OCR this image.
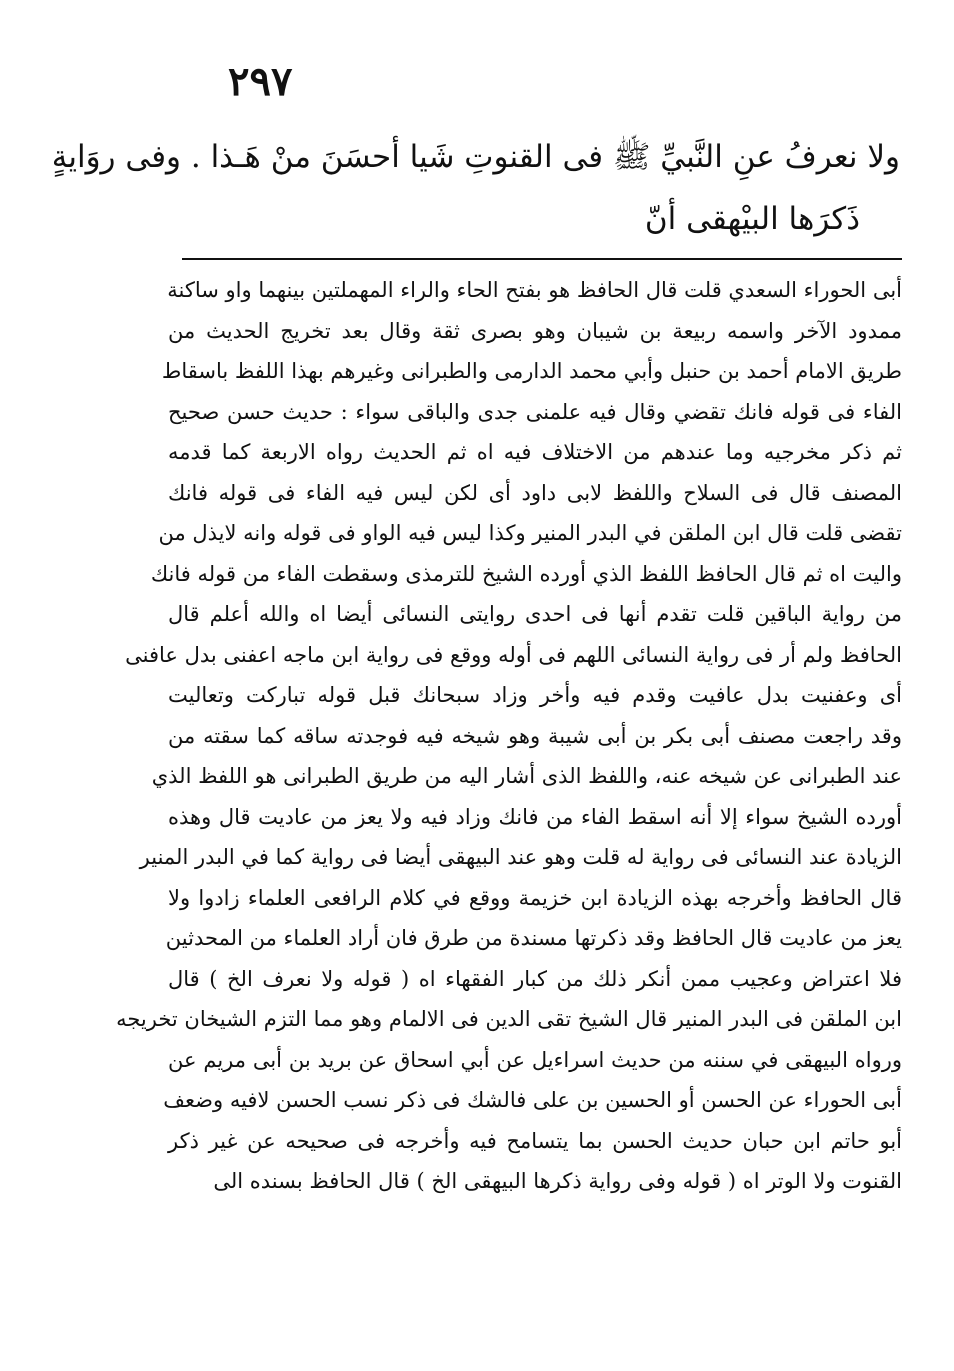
٢٩٧
ولا نعرفُ عنِ النَّبيِّ ﷺ فى القنوتِ شَيا أحسَنَ منْ هَـذا . وفى روَايةٍ
ذَكرَها البيْهقى أنّ
أبى الحوراء السعدي قلت قال الحافظ هو بفتح الحاء والراء المهملتين بينهما واو ساكنة
ممدود الآخر واسمه ربيعة بن شيبان وهو بصرى ثقة وقال بعد تخريج الحديث من
طريق الامام أحمد بن حنبل وأبي محمد الدارمى والطبرانى وغيرهم بهذا اللفظ باسقاط
الفاء فى قوله فانك تقضي وقال فيه علمنى جدى والباقى سواء : حديث حسن صحيح
ثم ذكر مخرجيه وما عندهم من الاختلاف فيه اه ثم الحديث رواه الاربعة كما قدمه
المصنف قال فى السلاح واللفظ لابى داود أى لكن ليس فيه الفاء فى قوله فانك
تقضى قلت قال ابن الملقن في البدر المنير وكذا ليس فيه الواو فى قوله وانه لايذل من
واليت اه ثم قال الحافظ اللفظ الذي أورده الشيخ للترمذى وسقطت الفاء من قوله فانك
من رواية الباقين قلت تقدم أنها فى احدى روايتى النسائى أيضا اه والله أعلم قال
الحافظ ولم أر فى رواية النسائى اللهم فى أوله ووقع فى رواية ابن ماجه اعفنى بدل عافنى
أى وعفنيت بدل عافيت وقدم فيه وأخر وزاد سبحانك قبل قوله تباركت وتعاليت
وقد راجعت مصنف أبى بكر بن أبى شيبة وهو شيخه فيه فوجدته ساقه كما سقته من
عند الطبرانى عن شيخه عنه، واللفظ الذى أشار اليه من طريق الطبرانى هو اللفظ الذي
أورده الشيخ سواء إلا أنه اسقط الفاء من فانك وزاد فيه ولا يعز من عاديت قال وهذه
الزيادة عند النسائى فى رواية له قلت وهو عند البيهقى أيضا فى رواية كما في البدر المنير
قال الحافظ وأخرجه بهذه الزيادة ابن خزيمة ووقع في كلام الرافعى العلماء زادوا ولا
يعز من عاديت قال الحافظ وقد ذكرتها مسندة من طرق فان أراد العلماء من المحدثين
فلا اعتراض وعجيب ممن أنكر ذلك من كبار الفقهاء اه ( قوله ولا نعرف الخ ) قال
ابن الملقن فى البدر المنير قال الشيخ تقى الدين فى الالمام وهو مما التزم الشيخان تخريجه
ورواه البيهقى في سننه من حديث اسراءيل عن أبي اسحاق عن بريد بن أبى مريم عن
أبى الحوراء عن الحسن أو الحسين بن على فالشك فى ذكر نسب الحسن لافيه وضعف
أبو حاتم ابن حبان حديث الحسن بما يتسامح فيه وأخرجه فى صحيحه عن غير ذكر
القنوت ولا الوتر اه ( قوله وفى رواية ذكرها البيهقى الخ ) قال الحافظ بسنده الى
